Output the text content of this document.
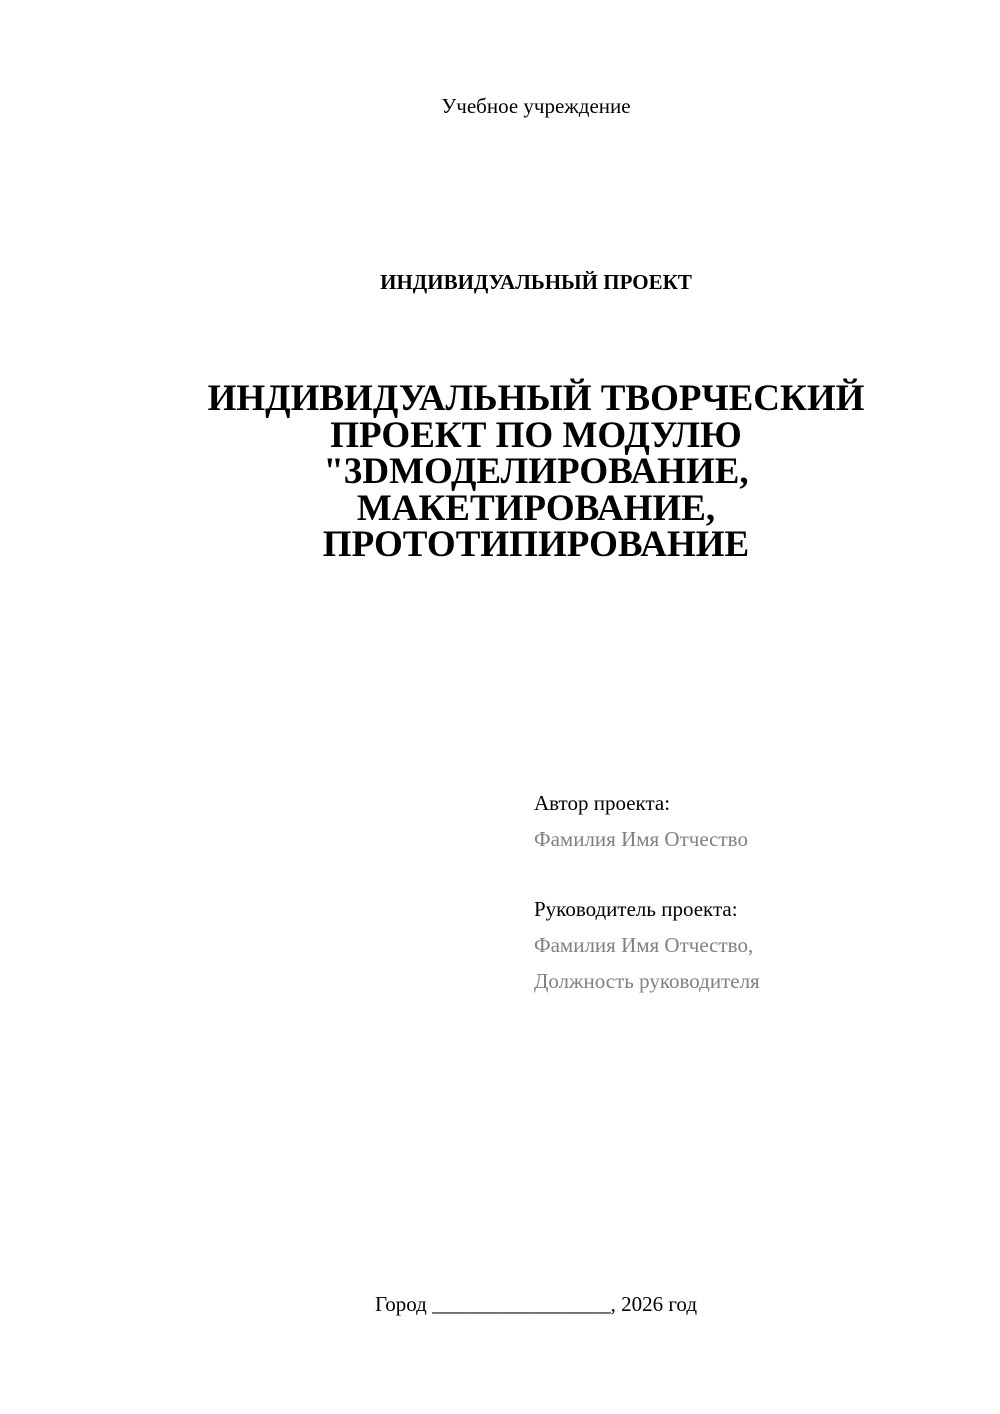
Учебное учреждение
ИНДИВИДУАЛЬНЫЙ ПРОЕКТ
ИНДИВИДУАЛЬНЫЙ ТВОРЧЕСКИЙ
ПРОЕКТ ПО МОДУЛЮ
"3DМОДЕЛИРОВАНИЕ,
МАКЕТИРОВАНИЕ,
ПРОТОТИПИРОВАНИЕ
Автор проекта:
Фамилия Имя Отчество
Руководитель проекта:
Фамилия Имя Отчество,
Должность руководителя
Город _________________, 2026 год
